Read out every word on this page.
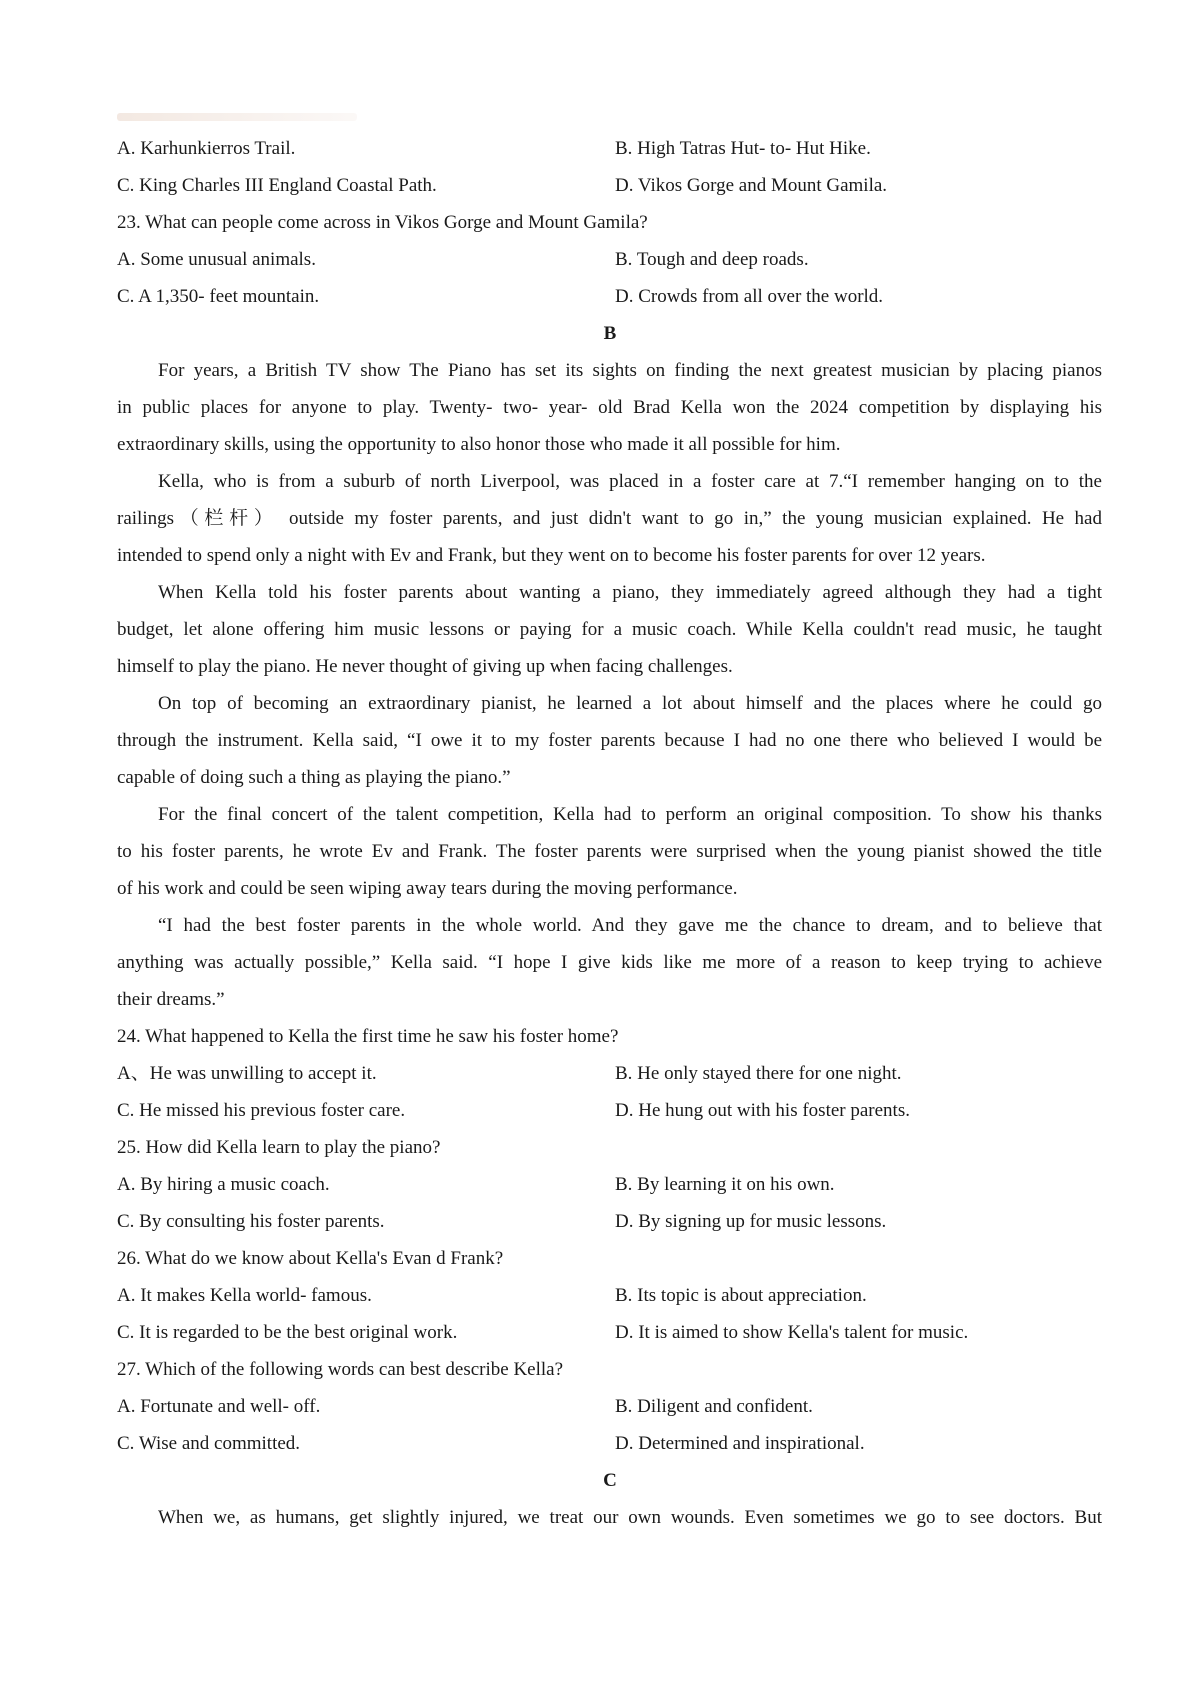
A. Karhunkierros Trail.	B. High Tatras Hut- to- Hut Hike.
C. King Charles III England Coastal Path.	D. Vikos Gorge and Mount Gamila.
23. What can people come across in Vikos Gorge and Mount Gamila?
A. Some unusual animals.	B. Tough and deep roads.
C. A 1,350- feet mountain.	D. Crowds from all over the world.
B
For years, a British TV show The Piano has set its sights on finding the next greatest musician by placing pianos
in public places for anyone to play. Twenty- two- year- old Brad Kella won the 2024 competition by displaying his
extraordinary skills, using the opportunity to also honor those who made it all possible for him.
Kella, who is from a suburb of north Liverpool, was placed in a foster care at 7.“I remember hanging on to the
railings（栏杆） outside my foster parents, and just didn't want to go in,” the young musician explained. He had
intended to spend only a night with Ev and Frank, but they went on to become his foster parents for over 12 years.
When Kella told his foster parents about wanting a piano, they immediately agreed although they had a tight
budget, let alone offering him music lessons or paying for a music coach. While Kella couldn't read music, he taught
himself to play the piano. He never thought of giving up when facing challenges.
On top of becoming an extraordinary pianist, he learned a lot about himself and the places where he could go
through the instrument. Kella said, “I owe it to my foster parents because I had no one there who believed I would be
capable of doing such a thing as playing the piano.”
For the final concert of the talent competition, Kella had to perform an original composition. To show his thanks
to his foster parents, he wrote Ev and Frank. The foster parents were surprised when the young pianist showed the title
of his work and could be seen wiping away tears during the moving performance.
“I had the best foster parents in the whole world. And they gave me the chance to dream, and to believe that
anything was actually possible,” Kella said. “I hope I give kids like me more of a reason to keep trying to achieve
their dreams.”
24. What happened to Kella the first time he saw his foster home?
A、He was unwilling to accept it.	B. He only stayed there for one night.
C. He missed his previous foster care.	D. He hung out with his foster parents.
25. How did Kella learn to play the piano?
A. By hiring a music coach.	B. By learning it on his own.
C. By consulting his foster parents.	D. By signing up for music lessons.
26. What do we know about Kella's Evan d Frank?
A. It makes Kella world- famous.	B. Its topic is about appreciation.
C. It is regarded to be the best original work.	D. It is aimed to show Kella's talent for music.
27. Which of the following words can best describe Kella?
A. Fortunate and well- off.	B. Diligent and confident.
C. Wise and committed.	D. Determined and inspirational.
C
When we, as humans, get slightly injured, we treat our own wounds. Even sometimes we go to see doctors. But
